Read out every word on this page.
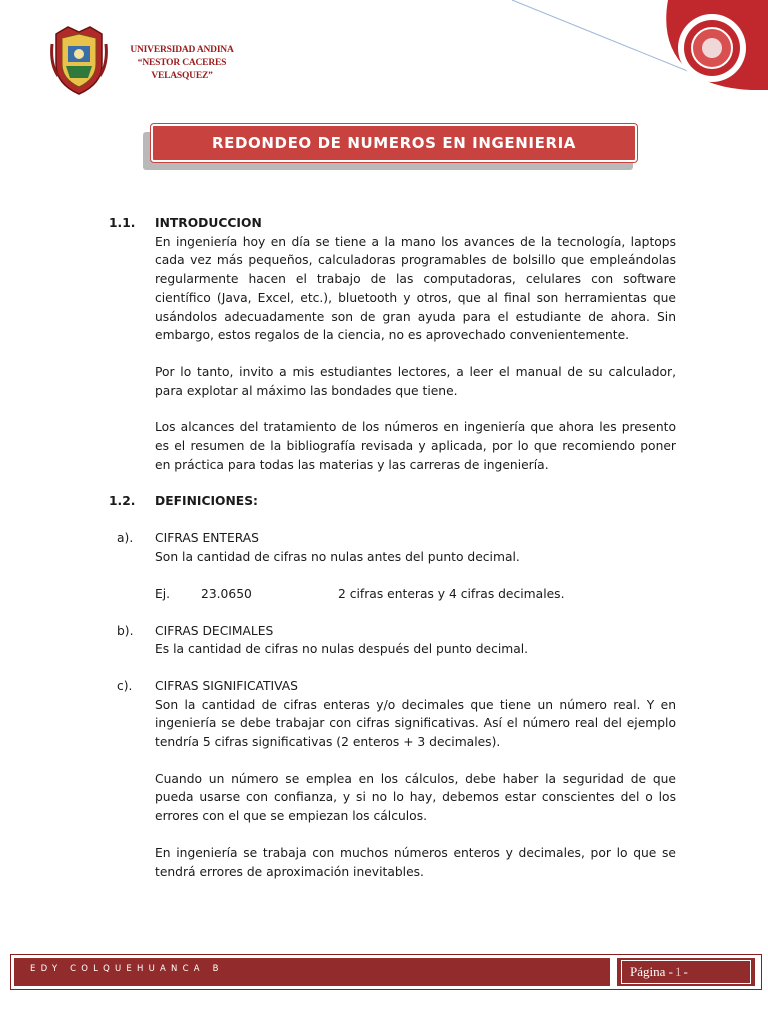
UNIVERSIDAD ANDINA
“NESTOR CACERES VELASQUEZ”
REDONDEO DE NUMEROS EN INGENIERIA
1.1. INTRODUCCION

En ingeniería hoy en día se tiene a la mano los avances de la tecnología, laptops cada vez más pequeños, calculadoras programables de bolsillo que empleándolas regularmente hacen el trabajo de las computadoras, celulares con software científico (Java, Excel, etc.), bluetooth y otros, que al final son herramientas que usándolos adecuadamente son de gran ayuda para el estudiante de ahora. Sin embargo, estos regalos de la ciencia, no es aprovechado convenientemente.

Por lo tanto, invito a mis estudiantes lectores, a leer el manual de su calculador, para explotar al máximo las bondades que tiene.

Los alcances del tratamiento de los números en ingeniería que ahora les presento es el resumen de la bibliografía revisada y aplicada, por lo que recomiendo poner en práctica para todas las materias y las carreras de ingeniería.

1.2. DEFINICIONES:
a). CIFRAS ENTERAS

Son la cantidad de cifras no nulas antes del punto decimal.

Ej.	23.0650	2 cifras enteras y 4 cifras decimales.
b). CIFRAS DECIMALES

Es la cantidad de cifras no nulas después del punto decimal.

c). CIFRAS SIGNIFICATIVAS

Son la cantidad de cifras enteras y/o decimales que tiene un número real. Y en ingeniería se debe trabajar con cifras significativas. Así el número real del ejemplo tendría 5 cifras significativas (2 enteros + 3 decimales).

Cuando un número se emplea en los cálculos, debe haber la seguridad de que pueda usarse con confianza, y si no lo hay, debemos estar conscientes del o los errores con el que se empiezan los cálculos.

En ingeniería se trabaja con muchos números enteros y decimales, por lo que se tendrá errores de aproximación inevitables.

EDY COLQUEHUANCA B	Página - 1 -
